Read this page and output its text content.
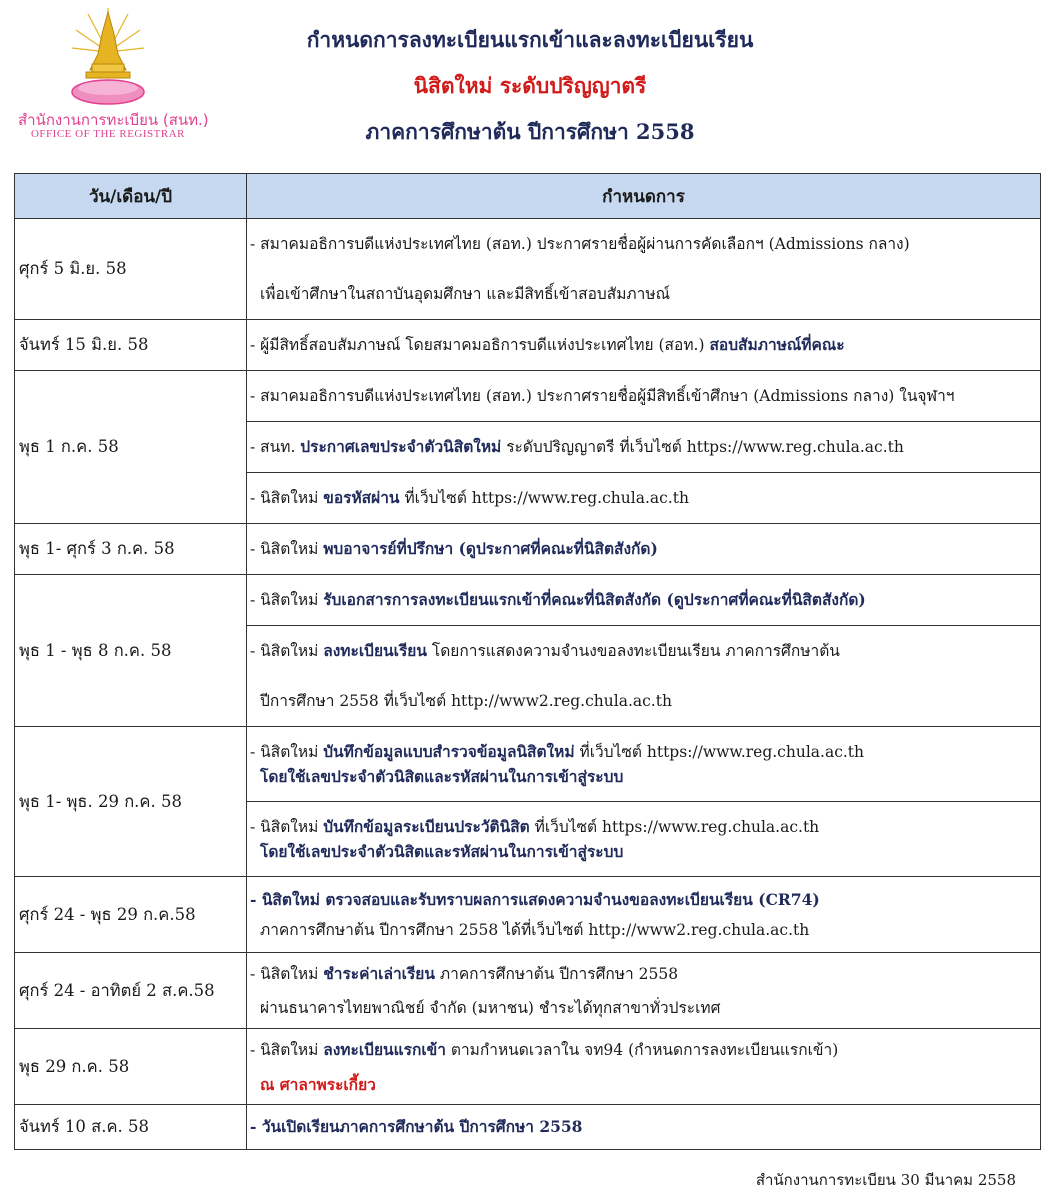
สำนักงานการทะเบียน (สนท.)
OFFICE OF THE REGISTRAR
กำหนดการลงทะเบียนแรกเข้าและลงทะเบียนเรียน
นิสิตใหม่ ระดับปริญญาตรี
ภาคการศึกษาต้น ปีการศึกษา 2558
วัน/เดือน/ปี	กำหนดการ
ศุกร์ 5 มิ.ย. 58	- สมาคมอธิการบดีแห่งประเทศไทย (สอท.) ประกาศรายชื่อผู้ผ่านการคัดเลือกฯ (Admissions กลาง)
เพื่อเข้าศึกษาในสถาบันอุดมศึกษา และมีสิทธิ์เข้าสอบสัมภาษณ์

จันทร์ 15 มิ.ย. 58	- ผู้มีสิทธิ์สอบสัมภาษณ์ โดยสมาคมอธิการบดีแห่งประเทศไทย (สอท.) สอบสัมภาษณ์ที่คณะ

พุธ 1 ก.ค. 58	- สมาคมอธิการบดีแห่งประเทศไทย (สอท.) ประกาศรายชื่อผู้มีสิทธิ์เข้าศึกษา (Admissions กลาง) ในจุฬาฯ

	- สนท. ประกาศเลขประจำตัวนิสิตใหม่ ระดับปริญญาตรี ที่เว็บไซต์ https://www.reg.chula.ac.th

	- นิสิตใหม่ ขอรหัสผ่าน ที่เว็บไซต์ https://www.reg.chula.ac.th

พุธ 1- ศุกร์ 3 ก.ค. 58	- นิสิตใหม่ พบอาจารย์ที่ปรึกษา (ดูประกาศที่คณะที่นิสิตสังกัด)

พุธ 1 - พุธ 8 ก.ค. 58	- นิสิตใหม่ รับเอกสารการลงทะเบียนแรกเข้าที่คณะที่นิสิตสังกัด (ดูประกาศที่คณะที่นิสิตสังกัด)

	- นิสิตใหม่ ลงทะเบียนเรียน โดยการแสดงความจำนงขอลงทะเบียนเรียน ภาคการศึกษาต้น
ปีการศึกษา 2558 ที่เว็บไซต์ http://www2.reg.chula.ac.th

พุธ 1- พุธ. 29 ก.ค. 58	- นิสิตใหม่ บันทึกข้อมูลแบบสำรวจข้อมูลนิสิตใหม่ ที่เว็บไซต์ https://www.reg.chula.ac.th
โดยใช้เลขประจำตัวนิสิตและรหัสผ่านในการเข้าสู่ระบบ

	- นิสิตใหม่ บันทึกข้อมูลระเบียนประวัตินิสิต ที่เว็บไซต์ https://www.reg.chula.ac.th
โดยใช้เลขประจำตัวนิสิตและรหัสผ่านในการเข้าสู่ระบบ

ศุกร์ 24 - พุธ 29 ก.ค.58	- นิสิตใหม่ ตรวจสอบและรับทราบผลการแสดงความจำนงขอลงทะเบียนเรียน (CR74)
ภาคการศึกษาต้น ปีการศึกษา 2558 ได้ที่เว็บไซต์ http://www2.reg.chula.ac.th

ศุกร์ 24 - อาทิตย์ 2 ส.ค.58	- นิสิตใหม่ ชำระค่าเล่าเรียน ภาคการศึกษาต้น ปีการศึกษา 2558
ผ่านธนาคารไทยพาณิชย์ จำกัด (มหาชน) ชำระได้ทุกสาขาทั่วประเทศ

พุธ 29 ก.ค. 58	- นิสิตใหม่ ลงทะเบียนแรกเข้า ตามกำหนดเวลาใน จท94 (กำหนดการลงทะเบียนแรกเข้า)
ณ ศาลาพระเกี้ยว

จันทร์ 10 ส.ค. 58	- วันเปิดเรียนภาคการศึกษาต้น ปีการศึกษา 2558
สำนักงานการทะเบียน 30 มีนาคม 2558
